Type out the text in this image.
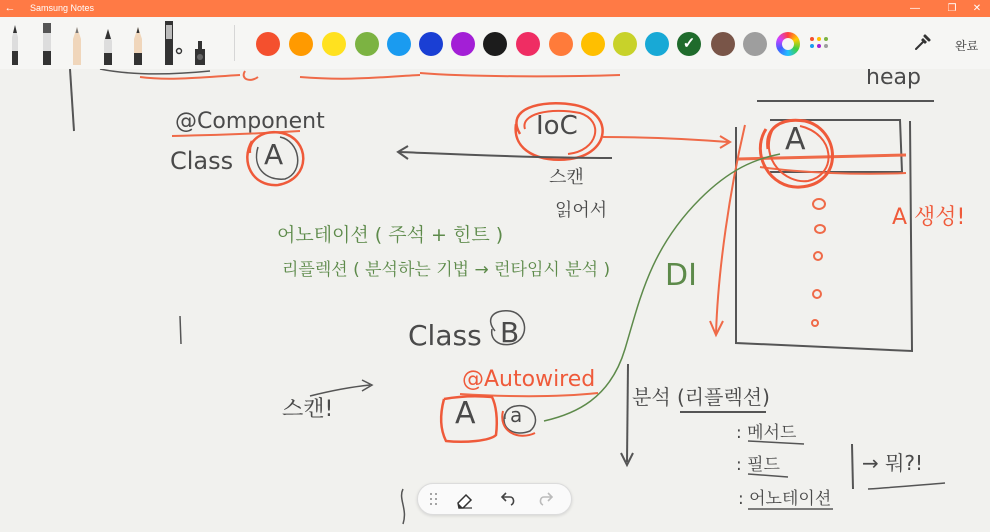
← Samsung Notes	—	❐	✕
✓
완료
heap
@Component
Class A
IoC
스캔
읽어서
A
DI
어노테이션 ( 주석 + 힌트 )
리플렉션 ( 분석하는 기법 → 런타임시 분석 )
A 생성!
Class B
@Autowired
A a
스캔!	분석 (리플렉션)
: 메서드
: 필드
: 어노테이션
→ 뭐?!
